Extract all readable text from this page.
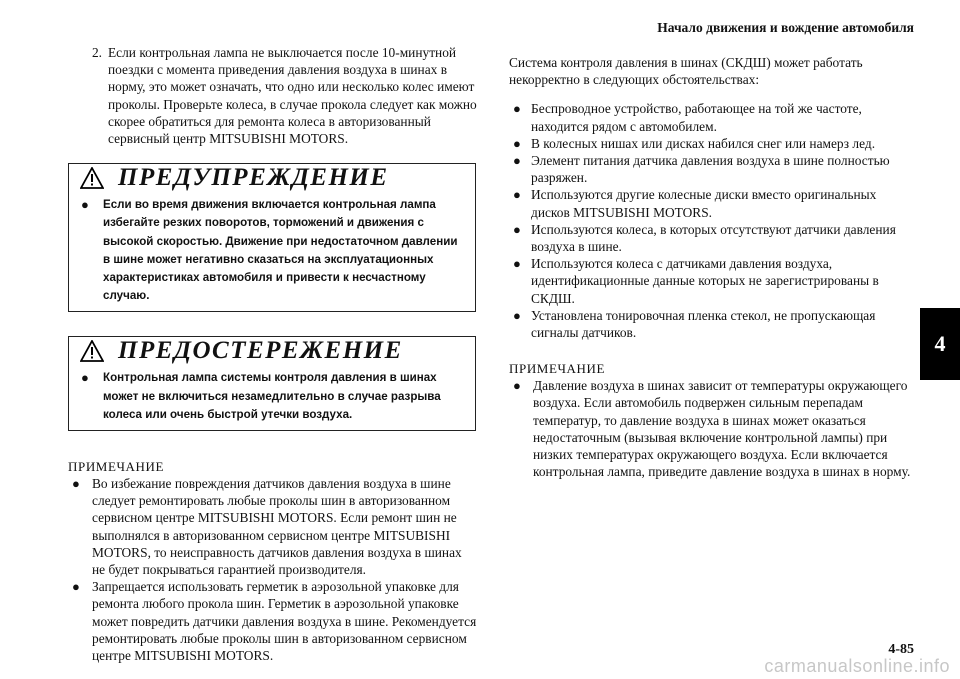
Начало движения и вождение автомобиля
2. Если контрольная лампа не выключается после 10-минутной поездки с момента приведения давления воздуха в шинах в норму, это может означать, что одно или несколько колес имеют проколы. Проверьте колеса, в случае прокола следует как можно скорее обратиться для ремонта колеса в авторизованный сервисный центр MITSUBISHI MOTORS.
ПРЕДУПРЕЖДЕНИЕ
●	Если во время движения включается контрольная лампа избегайте резких поворотов, торможений и движения с высокой скоростью. Движение при недостаточном давлении в шине может негативно сказаться на эксплуатационных характеристиках автомобиля и привести к несчастному случаю.
ПРЕДОСТЕРЕЖЕНИЕ
●	Контрольная лампа системы контроля давления в шинах может не включиться незамедлительно в случае разрыва колеса или очень быстрой утечки воздуха.
ПРИМЕЧАНИЕ
● Во избежание повреждения датчиков давления воздуха в шине следует ремонтировать любые проколы шин в авторизованном сервисном центре MITSUBISHI MOTORS. Если ремонт шин не выполнялся в авторизованном сервисном центре MITSUBISHI MOTORS, то неисправность датчиков давления воздуха в шинах не будет покрываться гарантией производителя.
● Запрещается использовать герметик в аэрозольной упаковке для ремонта любого прокола шин. Герметик в аэрозольной упаковке может повредить датчики давления воздуха в шине. Рекомендуется ремонтировать любые проколы шин в авторизованном сервисном центре MITSUBISHI MOTORS.
Система контроля давления в шинах (СКДШ) может работать некорректно в следующих обстоятельствах:
● Беспроводное устройство, работающее на той же частоте, находится рядом с автомобилем.
● В колесных нишах или дисках набился снег или намерз лед.
● Элемент питания датчика давления воздуха в шине полностью разряжен.
● Используются другие колесные диски вместо оригинальных дисков MITSUBISHI MOTORS.
● Используются колеса, в которых отсутствуют датчики давления воздуха в шине.
● Используются колеса с датчиками давления воздуха, идентификационные данные которых не зарегистрированы в СКДШ.
● Установлена тонировочная пленка стекол, не пропускающая сигналы датчиков.
ПРИМЕЧАНИЕ
● Давление воздуха в шинах зависит от температуры окружающего воздуха. Если автомобиль подвержен сильным перепадам температур, то давление воздуха в шинах может оказаться недостаточным (вызывая включение контрольной лампы) при низких температурах окружающего воздуха. Если включается контрольная лампа, приведите давление воздуха в шинах в норму.
4
4-85
carmanualsonline.info
